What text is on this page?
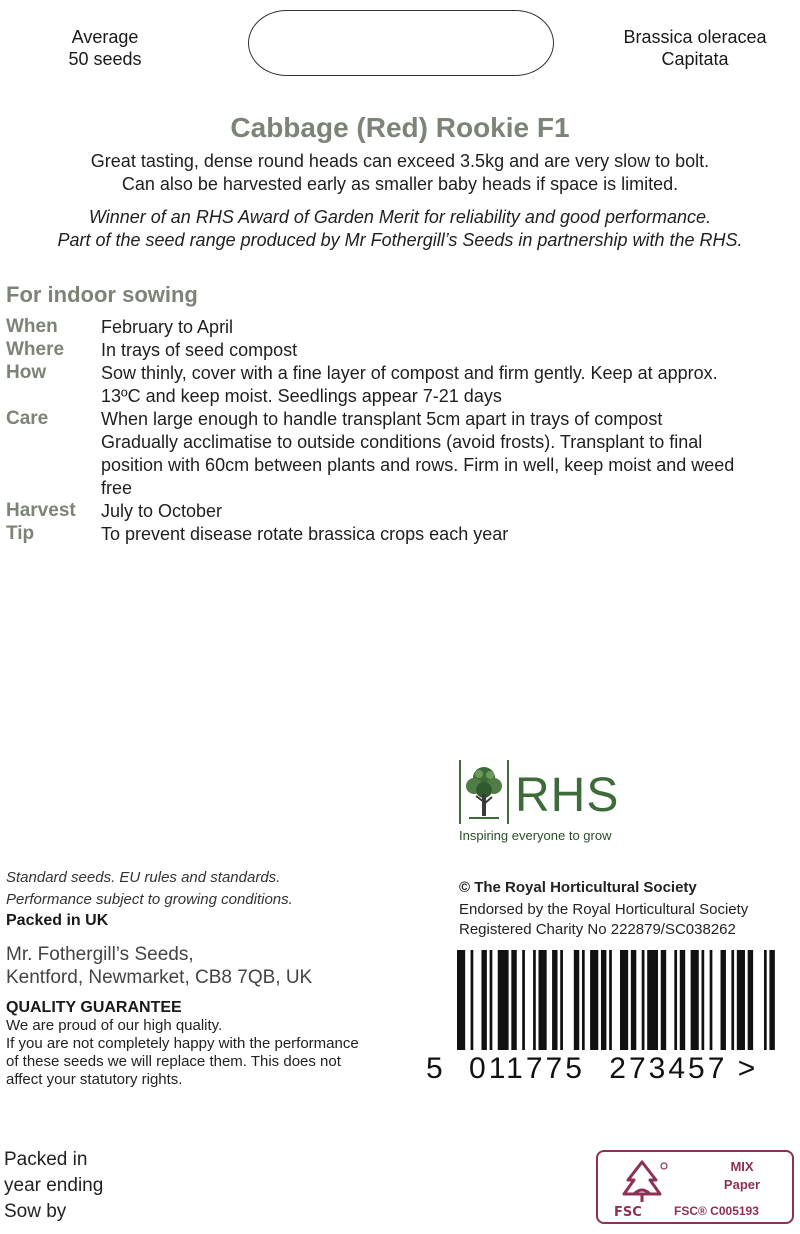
Average
50 seeds
Brassica oleracea
Capitata
Cabbage (Red) Rookie F1
Great tasting, dense round heads can exceed 3.5kg and are very slow to bolt.
Can also be harvested early as smaller baby heads if space is limited.
Winner of an RHS Award of Garden Merit for reliability and good performance.
Part of the seed range produced by Mr Fothergill’s Seeds in partnership with the RHS.
For indoor sowing
When February to April
Where In trays of seed compost
How	Sow thinly, cover with a fine layer of compost and firm gently. Keep at approx.
13ºC and keep moist. Seedlings appear 7-21 days
Care	When large enough to handle transplant 5cm apart in trays of compost
Gradually acclimatise to outside conditions (avoid frosts). Transplant to final
position with 60cm between plants and rows. Firm in well, keep moist and weed
free
Harvest July to October
Tip	To prevent disease rotate brassica crops each year
RHS
Inspiring everyone to grow
Standard seeds. EU rules and standards.
Performance subject to growing conditions.
Packed in UK
Mr. Fothergill’s Seeds,
Kentford, Newmarket, CB8 7QB, UK
QUALITY GUARANTEE
We are proud of our high quality.
If you are not completely happy with the performance
of these seeds we will replace them. This does not
affect your statutory rights.
© The Royal Horticultural Society
Endorsed by the Royal Horticultural Society
Registered Charity No 222879/SC038262
5 011775 273457 >
Packed in
year ending
Sow by	FSC
MIX
Paper
FSC® C005193
